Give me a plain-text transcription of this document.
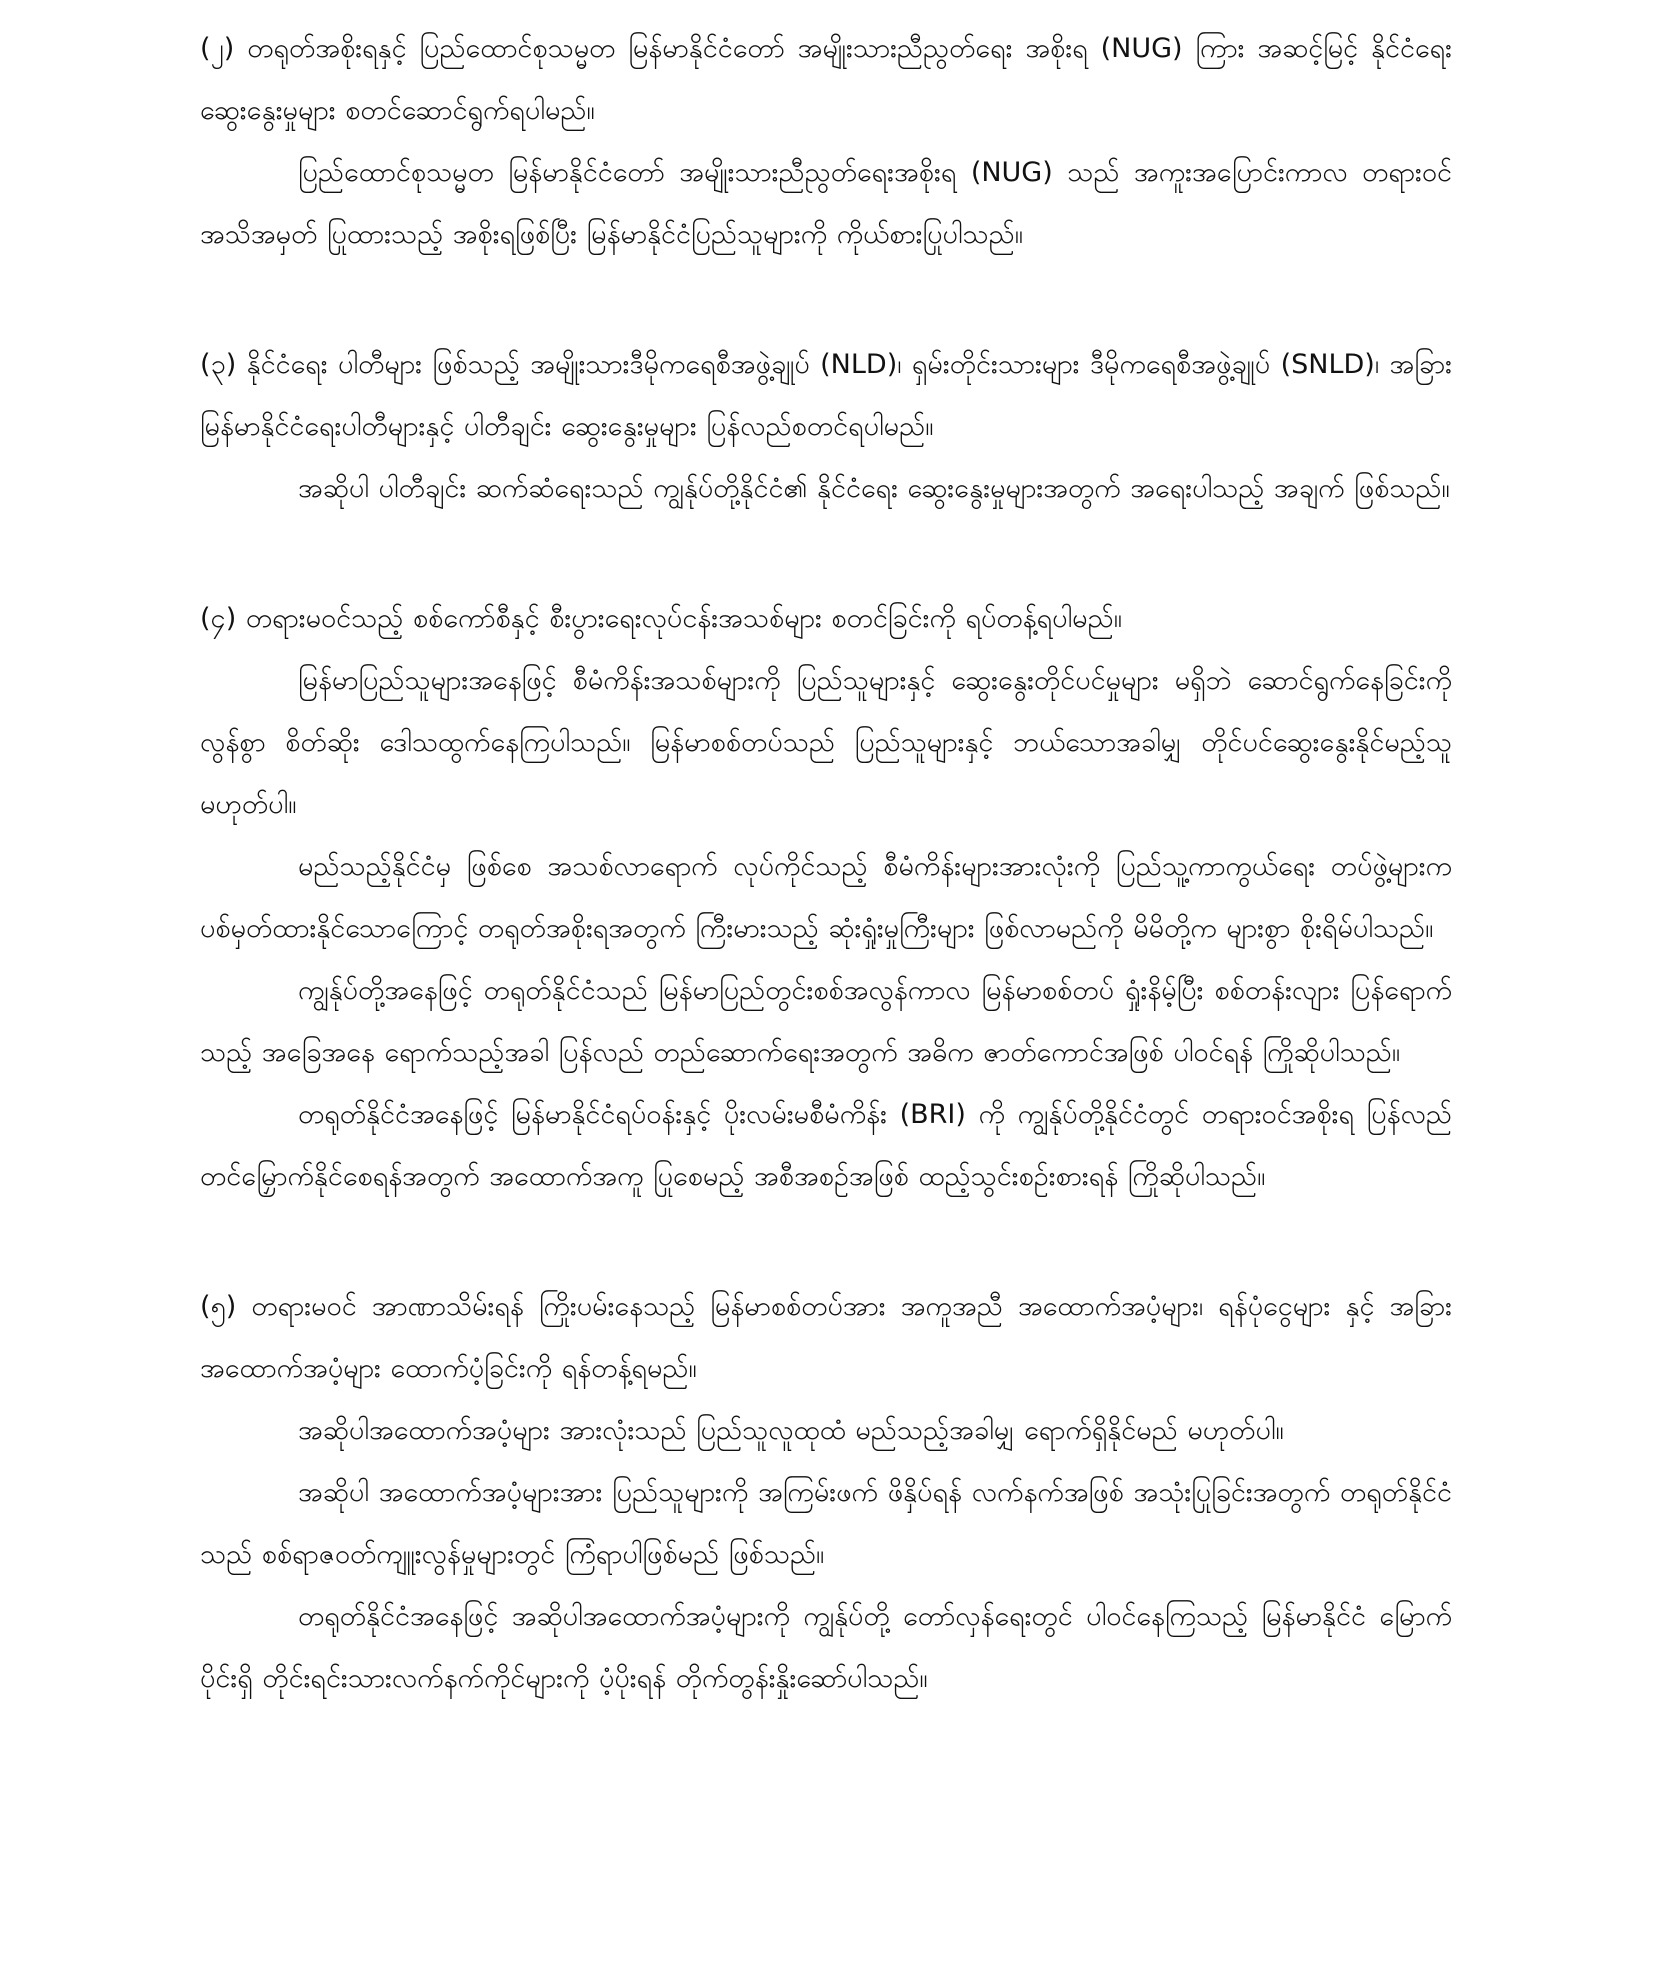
(၂) တရုတ်အစိုးရနှင့် ပြည်ထောင်စုသမ္မတ မြန်မာနိုင်ငံတော် အမျိုးသားညီညွတ်ရေး အစိုးရ (NUG) ကြား အဆင့်မြင့် နိုင်ငံရေး ဆွေးနွေးမှုများ စတင်ဆောင်ရွက်ရပါမည်။

ပြည်ထောင်စုသမ္မတ မြန်မာနိုင်ငံတော် အမျိုးသားညီညွတ်ရေးအစိုးရ (NUG) သည် အကူးအပြောင်းကာလ တရားဝင် အသိအမှတ် ပြုထားသည့် အစိုးရဖြစ်ပြီး မြန်မာနိုင်ငံပြည်သူများကို ကိုယ်စားပြုပါသည်။

(၃) နိုင်ငံရေး ပါတီများ ဖြစ်သည့် အမျိုးသားဒီမိုကရေစီအဖွဲ့ချုပ် (NLD)၊ ရှမ်းတိုင်းသားများ ဒီမိုကရေစီအဖွဲ့ချုပ် (SNLD)၊ အခြားမြန်မာနိုင်ငံရေးပါတီများနှင့် ပါတီချင်း ဆွေးနွေးမှုများ ပြန်လည်စတင်ရပါမည်။

အဆိုပါ ပါတီချင်း ဆက်ဆံရေးသည် ကျွန်ုပ်တို့နိုင်ငံ၏ နိုင်ငံရေး ဆွေးနွေးမှုများအတွက် အရေးပါသည့် အချက် ဖြစ်သည်။

(၄) တရားမဝင်သည့် စစ်ကော်စီနှင့် စီးပွားရေးလုပ်ငန်းအသစ်များ စတင်ခြင်းကို ရပ်တန့်ရပါမည်။

မြန်မာပြည်သူများအနေဖြင့် စီမံကိန်းအသစ်များကို ပြည်သူများနှင့် ဆွေးနွေးတိုင်ပင်မှုများ မရှိဘဲ ဆောင်ရွက်နေခြင်းကို လွန်စွာ စိတ်ဆိုး ဒေါသထွက်နေကြပါသည်။ မြန်မာစစ်တပ်သည် ပြည်သူများနှင့် ဘယ်သောအခါမျှ တိုင်ပင်ဆွေးနွေးနိုင်မည့်သူ မဟုတ်ပါ။

မည်သည့်နိုင်ငံမှ ဖြစ်စေ အသစ်လာရောက် လုပ်ကိုင်သည့် စီမံကိန်းများအားလုံးကို ပြည်သူ့ကာကွယ်ရေး တပ်ဖွဲ့များက ပစ်မှတ်ထားနိုင်သောကြောင့် တရုတ်အစိုးရအတွက် ကြီးမားသည့် ဆုံးရှုံးမှုကြီးများ ဖြစ်လာမည်ကို မိမိတို့က များစွာ စိုးရိမ်ပါသည်။

ကျွန်ုပ်တို့အနေဖြင့် တရုတ်နိုင်ငံသည် မြန်မာပြည်တွင်းစစ်အလွန်ကာလ မြန်မာစစ်တပ် ရှုံးနိမ့်ပြီး စစ်တန်းလျား ပြန်ရောက်သည့် အခြေအနေ ရောက်သည့်အခါ ပြန်လည် တည်ဆောက်ရေးအတွက် အဓိက ဇာတ်ကောင်အဖြစ် ပါဝင်ရန် ကြိုဆိုပါသည်။

တရုတ်နိုင်ငံအနေဖြင့် မြန်မာနိုင်ငံရပ်ဝန်းနှင့် ပိုးလမ်းမစီမံကိန်း (BRI) ကို ကျွန်ုပ်တို့နိုင်ငံတွင် တရားဝင်အစိုးရ ပြန်လည်တင်မြှောက်နိုင်စေရန်အတွက် အထောက်အကူ ပြုစေမည့် အစီအစဉ်အဖြစ် ထည့်သွင်းစဉ်းစားရန် ကြိုဆိုပါသည်။

(၅) တရားမဝင် အာဏာသိမ်းရန် ကြိုးပမ်းနေသည့် မြန်မာစစ်တပ်အား အကူအညီ အထောက်အပံ့များ၊ ရန်ပုံငွေများ နှင့် အခြားအထောက်အပံ့များ ထောက်ပံ့ခြင်းကို ရန်တန့်ရမည်။

အဆိုပါအထောက်အပံ့များ အားလုံးသည် ပြည်သူလူထုထံ မည်သည့်အခါမျှ ရောက်ရှိနိုင်မည် မဟုတ်ပါ။

အဆိုပါ အထောက်အပံ့များအား ပြည်သူများကို အကြမ်းဖက် ဖိနှိပ်ရန် လက်နက်အဖြစ် အသုံးပြုခြင်းအတွက် တရုတ်နိုင်ငံသည် စစ်ရာဇဝတ်ကျူးလွန်မှုများတွင် ကြံရာပါဖြစ်မည် ဖြစ်သည်။

တရုတ်နိုင်ငံအနေဖြင့် အဆိုပါအထောက်အပံ့များကို ကျွန်ုပ်တို့ တော်လှန်ရေးတွင် ပါဝင်နေကြသည့် မြန်မာနိုင်ငံ မြောက်ပိုင်းရှိ တိုင်းရင်းသားလက်နက်ကိုင်များကို ပံ့ပိုးရန် တိုက်တွန်းနှိုးဆော်ပါသည်။
